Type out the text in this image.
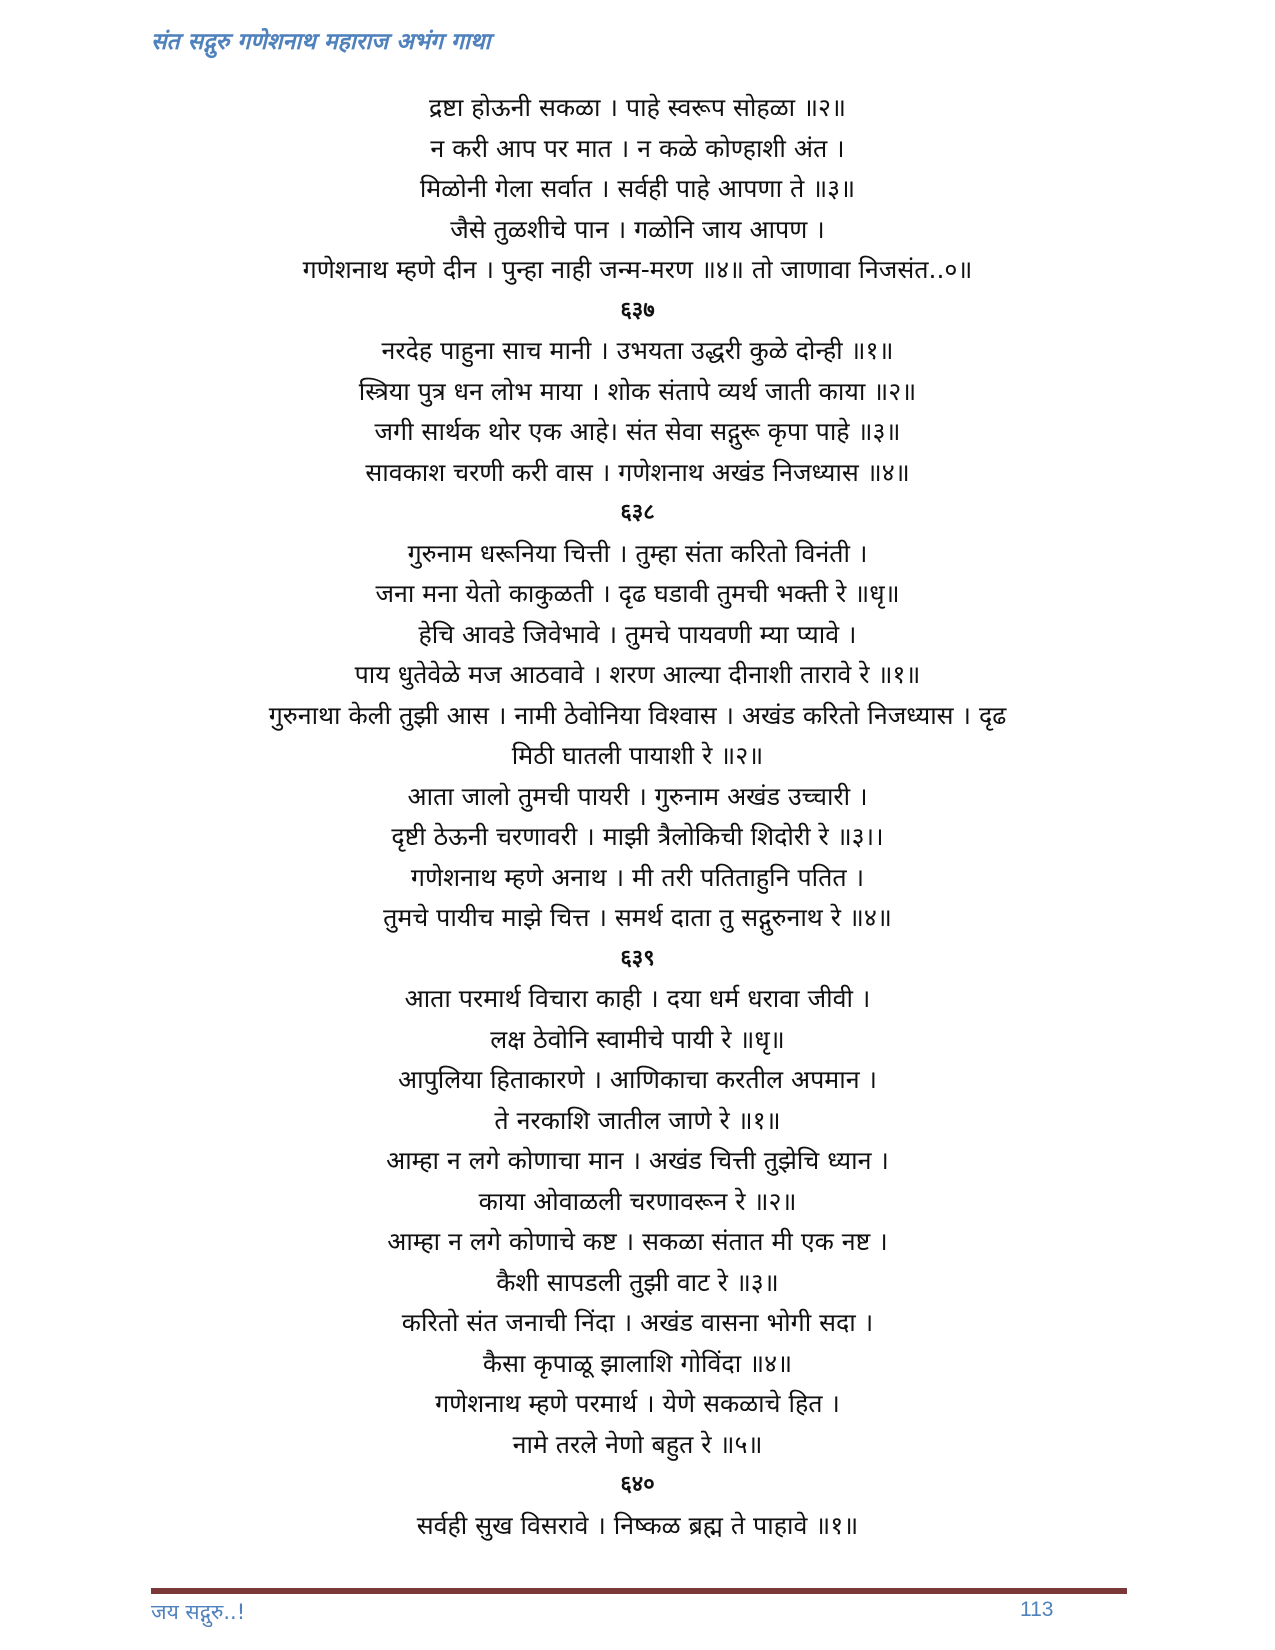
संत सद्गुरु गणेशनाथ महाराज अभंग गाथा
द्रष्टा होऊनी सकळा । पाहे स्वरूप सोहळा ॥२॥
न करी आप पर मात । न कळे कोण्हाशी अंत ।
मिळोनी गेला सर्वात । सर्वही पाहे आपणा ते ॥३॥
जैसे तुळशीचे पान । गळोनि जाय आपण ।
गणेशनाथ म्हणे दीन । पुन्हा नाही जन्म-मरण ॥४॥ तो जाणावा निजसंत..०॥
६३७
नरदेह पाहुना साच मानी । उभयता उद्धरी कुळे दोन्ही ॥१॥
स्त्रिया पुत्र धन लोभ माया । शोक संतापे व्यर्थ जाती काया ॥२॥
जगी सार्थक थोर एक आहे। संत सेवा सद्गुरू कृपा पाहे ॥३॥
सावकाश चरणी करी वास । गणेशनाथ अखंड निजध्यास ॥४॥
६३८
गुरुनाम धरूनिया चित्ती । तुम्हा संता करितो विनंती ।
जना मना येतो काकुळती । दृढ घडावी तुमची भक्ती रे ॥धृ॥
हेचि आवडे जिवेभावे । तुमचे पायवणी म्या प्यावे ।
पाय धुतेवेळे मज आठवावे । शरण आल्या दीनाशी तारावे रे ॥१॥
गुरुनाथा केली तुझी आस । नामी ठेवोनिया विश्वास । अखंड करितो निजध्यास । दृढ
मिठी घातली पायाशी रे ॥२॥
आता जालो तुमची पायरी । गुरुनाम अखंड उच्चारी ।
दृष्टी ठेऊनी चरणावरी । माझी त्रैलोकिची शिदोरी रे ॥३।।
गणेशनाथ म्हणे अनाथ । मी तरी पतिताहुनि पतित ।
तुमचे पायीच माझे चित्त । समर्थ दाता तु सद्गुरुनाथ रे ॥४॥
६३९
आता परमार्थ विचारा काही । दया धर्म धरावा जीवी ।
लक्ष ठेवोनि स्वामीचे पायी रे ॥धृ॥
आपुलिया हिताकारणे । आणिकाचा करतील अपमान ।
ते नरकाशि जातील जाणे रे ॥१॥
आम्हा न लगे कोणाचा मान । अखंड चित्ती तुझेचि ध्यान ।
काया ओवाळली चरणावरून रे ॥२॥
आम्हा न लगे कोणाचे कष्ट । सकळा संतात मी एक नष्ट ।
कैशी सापडली तुझी वाट रे ॥३॥
करितो संत जनाची निंदा । अखंड वासना भोगी सदा ।
कैसा कृपाळू झालाशि गोविंदा ॥४॥
गणेशनाथ म्हणे परमार्थ । येणे सकळाचे हित ।
नामे तरले नेणो बहुत रे ॥५॥
६४०
सर्वही सुख विसरावे । निष्कळ ब्रह्म ते पाहावे ॥१॥
जय सद्गुरु..!	113
